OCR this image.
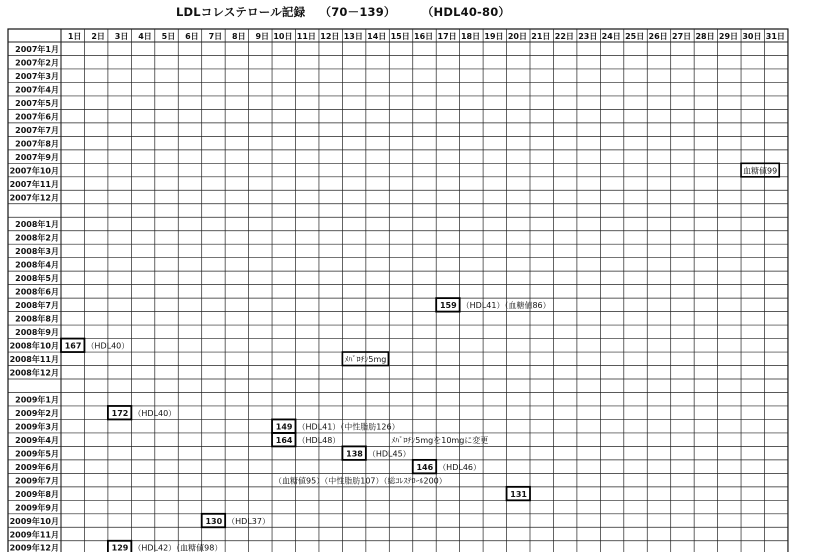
LDLコレステロール記録 （70－139） （HDL40-80）
1日 2日 3日 4日 5日 6日 7日 8日 9日 10日 11日 12日 13日 14日 15日 16日 17日 18日 19日 20日 21日 22日 23日 24日 25日 26日 27日 28日 29日 30日 31日
2007年1月
2007年2月
2007年3月
2007年4月
2007年5月
2007年6月
2007年7月
2007年8月
2007年9月
2007年10月
2007年11月
2007年12月
2008年1月
2008年2月
2008年3月
2008年4月
2008年5月
2008年6月
2008年7月
2008年8月
2008年9月
2008年10月
2008年11月
2008年12月
2009年1月
2009年2月
2009年3月
2009年4月
2009年5月
2009年6月
2009年7月
2009年8月
2009年9月
2009年10月
2009年11月
2009年12月
血糖値99
159 （HDL41）（血糖値86）
167 （HDL40）
ﾒﾊﾞﾛﾁﾝ5mg
172 （HDL40）
149 （HDL41）（中性脂肪126）
164 （HDL48）	ﾒﾊﾞﾛﾁﾝ5mgを10mgに変更
138 （HDL45）
146 （HDL46）
（血糖値95）（中性脂肪107）（総ｺﾚｽﾃﾛｰﾙ200）
131
130 （HDL37）
129 （HDL42）（血糖値98）
